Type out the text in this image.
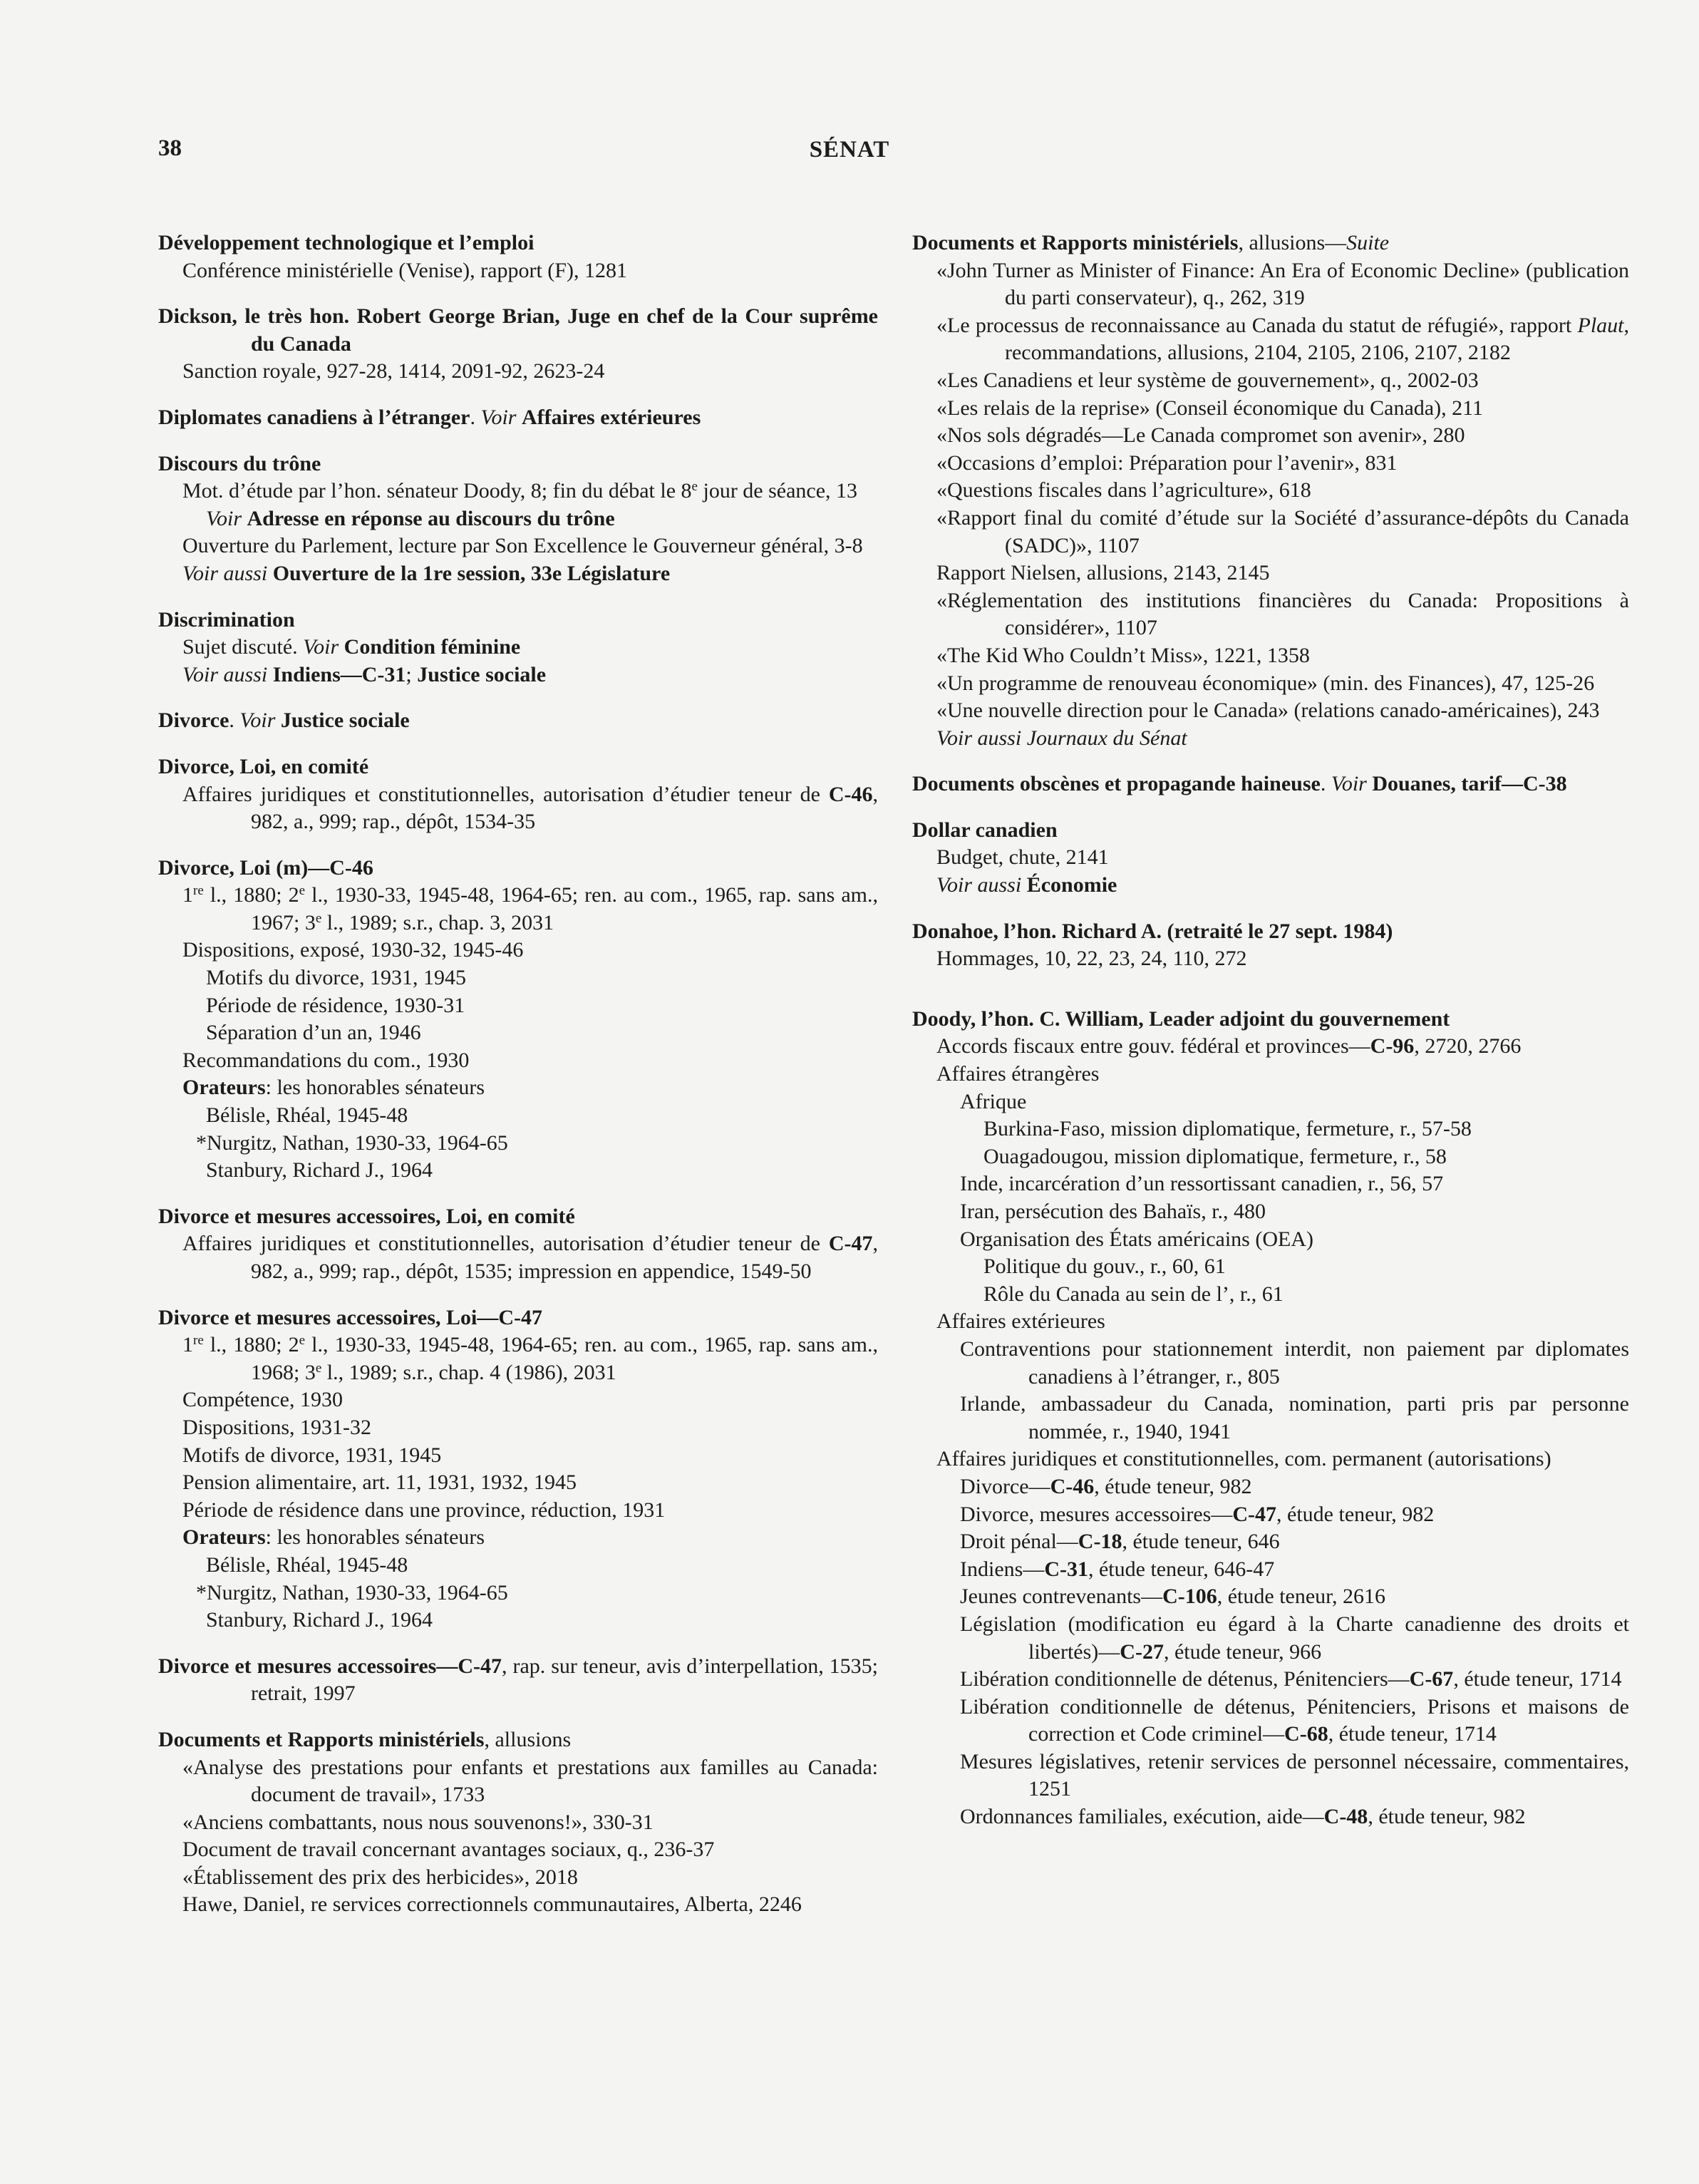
38	SÉNAT
Développement technologique et l’emploi
Conférence ministérielle (Venise), rapport (F), 1281
Dickson, le très hon. Robert George Brian, Juge en chef de la Cour suprême du Canada
Sanction royale, 927-28, 1414, 2091-92, 2623-24
Diplomates canadiens à l’étranger. Voir Affaires extérieures
Discours du trône
Mot. d’étude par l’hon. sénateur Doody, 8; fin du débat le 8e jour de séance, 13
Voir Adresse en réponse au discours du trône
Ouverture du Parlement, lecture par Son Excellence le Gouverneur général, 3-8
Voir aussi Ouverture de la 1re session, 33e Législature
Discrimination
Sujet discuté. Voir Condition féminine
Voir aussi Indiens—C-31; Justice sociale
Divorce. Voir Justice sociale
Divorce, Loi, en comité
Affaires juridiques et constitutionnelles, autorisation d’étudier teneur de C-46, 982, a., 999; rap., dépôt, 1534-35
Divorce, Loi (m)—C-46
1re l., 1880; 2e l., 1930-33, 1945-48, 1964-65; ren. au com., 1965, rap. sans am., 1967; 3e l., 1989; s.r., chap. 3, 2031
Dispositions, exposé, 1930-32, 1945-46
Motifs du divorce, 1931, 1945
Période de résidence, 1930-31
Séparation d’un an, 1946
Recommandations du com., 1930
Orateurs: les honorables sénateurs
Bélisle, Rhéal, 1945-48
*Nurgitz, Nathan, 1930-33, 1964-65
Stanbury, Richard J., 1964
Divorce et mesures accessoires, Loi, en comité
Affaires juridiques et constitutionnelles, autorisation d’étudier teneur de C-47, 982, a., 999; rap., dépôt, 1535; impression en appendice, 1549-50
Divorce et mesures accessoires, Loi—C-47
1re l., 1880; 2e l., 1930-33, 1945-48, 1964-65; ren. au com., 1965, rap. sans am., 1968; 3e l., 1989; s.r., chap. 4 (1986), 2031
Compétence, 1930
Dispositions, 1931-32
Motifs de divorce, 1931, 1945
Pension alimentaire, art. 11, 1931, 1932, 1945
Période de résidence dans une province, réduction, 1931
Orateurs: les honorables sénateurs
Bélisle, Rhéal, 1945-48
*Nurgitz, Nathan, 1930-33, 1964-65
Stanbury, Richard J., 1964
Divorce et mesures accessoires—C-47, rap. sur teneur, avis d’interpellation, 1535; retrait, 1997
Documents et Rapports ministériels, allusions
«Analyse des prestations pour enfants et prestations aux familles au Canada: document de travail», 1733
«Anciens combattants, nous nous souvenons!», 330-31
Document de travail concernant avantages sociaux, q., 236-37
«Établissement des prix des herbicides», 2018
Hawe, Daniel, re services correctionnels communautaires, Alberta, 2246
Documents et Rapports ministériels, allusions—Suite
«John Turner as Minister of Finance: An Era of Economic Decline» (publication du parti conservateur), q., 262, 319
«Le processus de reconnaissance au Canada du statut de réfugié», rapport Plaut, recommandations, allusions, 2104, 2105, 2106, 2107, 2182
«Les Canadiens et leur système de gouvernement», q., 2002-03
«Les relais de la reprise» (Conseil économique du Canada), 211
«Nos sols dégradés—Le Canada compromet son avenir», 280
«Occasions d’emploi: Préparation pour l’avenir», 831
«Questions fiscales dans l’agriculture», 618
«Rapport final du comité d’étude sur la Société d’assurance-dépôts du Canada (SADC)», 1107
Rapport Nielsen, allusions, 2143, 2145
«Réglementation des institutions financières du Canada: Propositions à considérer», 1107
«The Kid Who Couldn’t Miss», 1221, 1358
«Un programme de renouveau économique» (min. des Finances), 47, 125-26
«Une nouvelle direction pour le Canada» (relations canado-américaines), 243
Voir aussi Journaux du Sénat
Documents obscènes et propagande haineuse. Voir Douanes, tarif—C-38
Dollar canadien
Budget, chute, 2141
Voir aussi Économie
Donahoe, l’hon. Richard A. (retraité le 27 sept. 1984)
Hommages, 10, 22, 23, 24, 110, 272
Doody, l’hon. C. William, Leader adjoint du gouvernement
Accords fiscaux entre gouv. fédéral et provinces—C-96, 2720, 2766
Affaires étrangères
Afrique
Burkina-Faso, mission diplomatique, fermeture, r., 57-58
Ouagadougou, mission diplomatique, fermeture, r., 58
Inde, incarcération d’un ressortissant canadien, r., 56, 57
Iran, persécution des Bahaïs, r., 480
Organisation des États américains (OEA)
Politique du gouv., r., 60, 61
Rôle du Canada au sein de l’, r., 61
Affaires extérieures
Contraventions pour stationnement interdit, non paiement par diplomates canadiens à l’étranger, r., 805
Irlande, ambassadeur du Canada, nomination, parti pris par personne nommée, r., 1940, 1941
Affaires juridiques et constitutionnelles, com. permanent (autorisations)
Divorce—C-46, étude teneur, 982
Divorce, mesures accessoires—C-47, étude teneur, 982
Droit pénal—C-18, étude teneur, 646
Indiens—C-31, étude teneur, 646-47
Jeunes contrevenants—C-106, étude teneur, 2616
Législation (modification eu égard à la Charte canadienne des droits et libertés)—C-27, étude teneur, 966
Libération conditionnelle de détenus, Pénitenciers—C-67, étude teneur, 1714
Libération conditionnelle de détenus, Pénitenciers, Prisons et maisons de correction et Code criminel—C-68, étude teneur, 1714
Mesures législatives, retenir services de personnel nécessaire, commentaires, 1251
Ordonnances familiales, exécution, aide—C-48, étude teneur, 982
